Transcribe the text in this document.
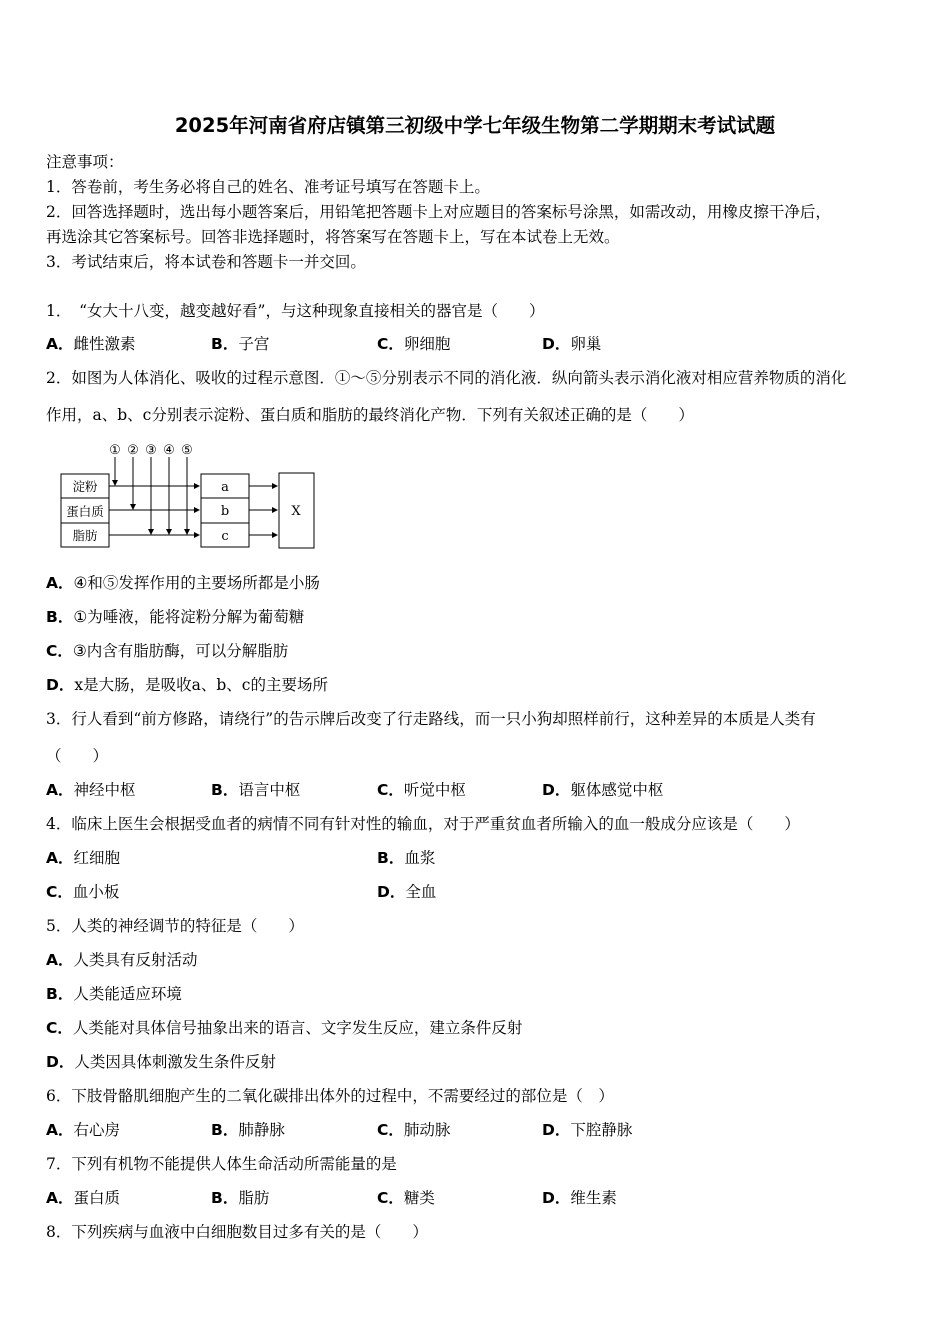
2025年河南省府店镇第三初级中学七年级生物第二学期期末考试试题
注意事项：
1．答卷前，考生务必将自己的姓名、准考证号填写在答题卡上。
2．回答选择题时，选出每小题答案后，用铅笔把答题卡上对应题目的答案标号涂黑，如需改动，用橡皮擦干净后，
再选涂其它答案标号。回答非选择题时，将答案写在答题卡上，写在本试卷上无效。
3．考试结束后，将本试卷和答题卡一并交回。
1．　“女大十八变，越变越好看”，与这种现象直接相关的器官是（　　）
A．雌性激素	B．子宫	C．卵细胞	D．卵巢
2．如图为人体消化、吸收的过程示意图．①～⑤分别表示不同的消化液．纵向箭头表示消化液对相应营养物质的消化
作用，a、b、c分别表示淀粉、蛋白质和脂肪的最终消化产物．下列有关叙述正确的是（　　）
① ② ③ ④ ⑤
淀粉
蛋白质
脂肪
a
b
c
X
A．④和⑤发挥作用的主要场所都是小肠
B．①为唾液，能将淀粉分解为葡萄糖
C．③内含有脂肪酶，可以分解脂肪
D．x是大肠，是吸收a、b、c的主要场所
3．行人看到“前方修路，请绕行”的告示牌后改变了行走路线，而一只小狗却照样前行，这种差异的本质是人类有
（　　）
A．神经中枢	B．语言中枢	C．听觉中枢	D．躯体感觉中枢
4．临床上医生会根据受血者的病情不同有针对性的输血，对于严重贫血者所输入的血一般成分应该是（　　）
A．红细胞	B．血浆
C．血小板	D．全血
5．人类的神经调节的特征是（　　）
A．人类具有反射活动
B．人类能适应环境
C．人类能对具体信号抽象出来的语言、文字发生反应，建立条件反射
D．人类因具体刺激发生条件反射
6．下肢骨骼肌细胞产生的二氧化碳排出体外的过程中，不需要经过的部位是（　）
A．右心房	B．肺静脉	C．肺动脉	D．下腔静脉
7．下列有机物不能提供人体生命活动所需能量的是
A．蛋白质	B．脂肪	C．糖类	D．维生素
8．下列疾病与血液中白细胞数目过多有关的是（　　）
